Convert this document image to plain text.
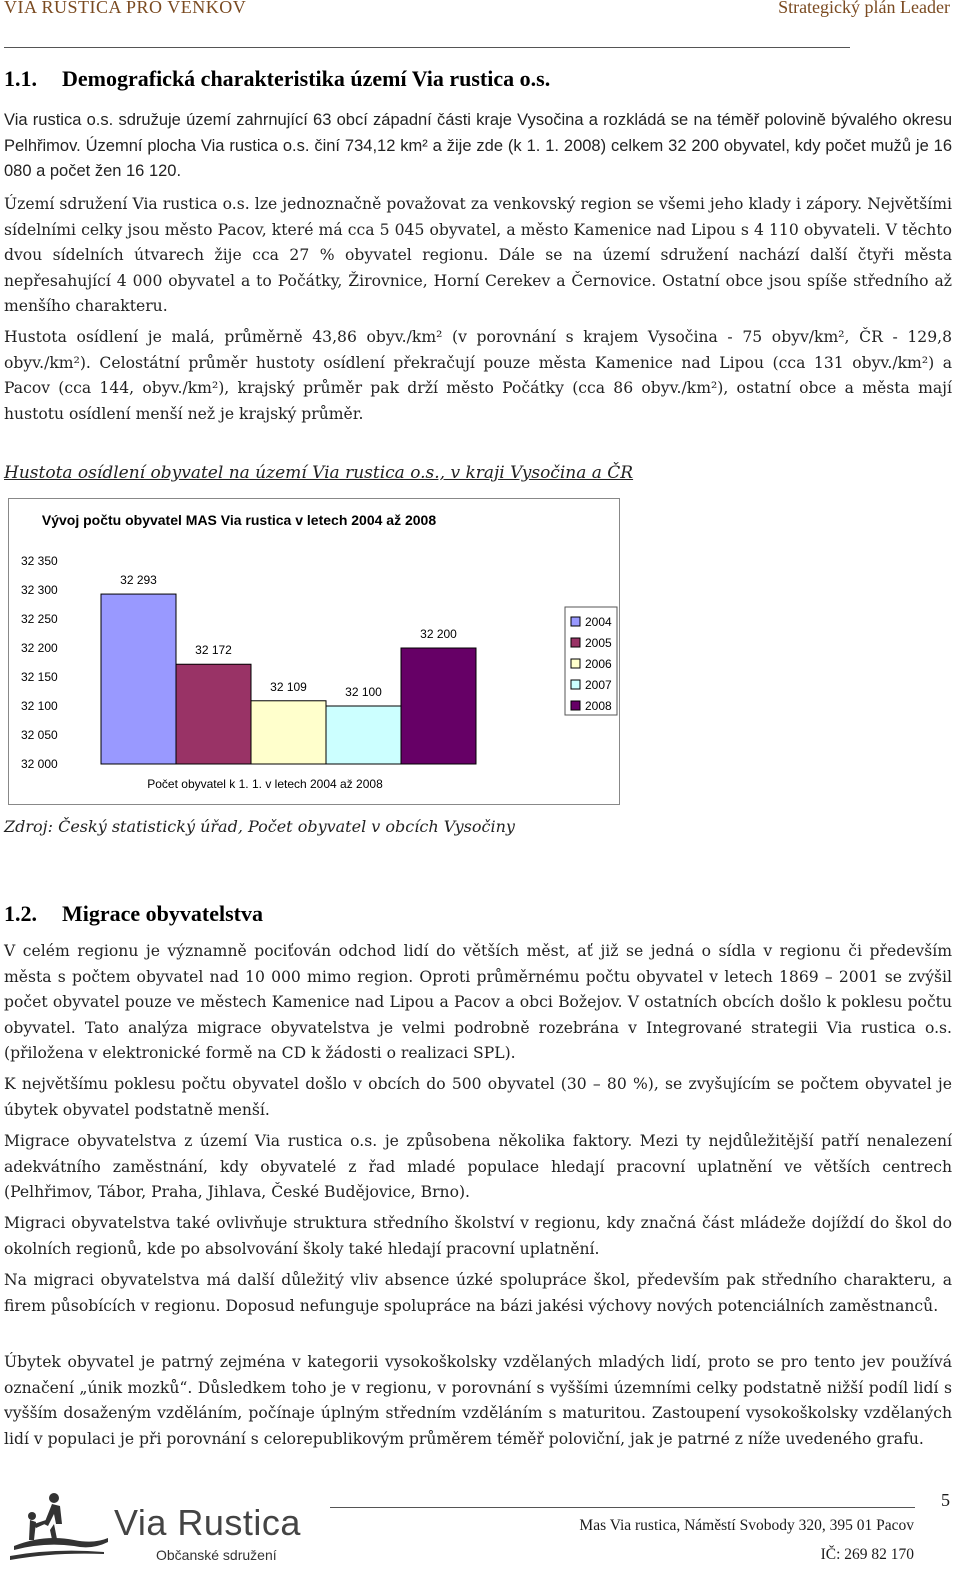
VIA RUSTICA PRO VENKOV	Strategický plán Leader
1.1. Demografická charakteristika území Via rustica o.s.
Via rustica o.s. sdružuje území zahrnující 63 obcí západní části kraje Vysočina a rozkládá se na téměř polovině bývalého okresu Pelhřimov. Územní plocha Via rustica o.s. činí 734,12 km² a žije zde (k 1. 1. 2008) celkem 32 200 obyvatel, kdy počet mužů je 16 080 a počet žen 16 120.
Území sdružení Via rustica o.s. lze jednoznačně považovat za venkovský region se všemi jeho klady i zápory. Největšími sídelními celky jsou město Pacov, které má cca 5 045 obyvatel, a město Kamenice nad Lipou s 4 110 obyvateli. V těchto dvou sídelních útvarech žije cca 27 % obyvatel regionu. Dále se na území sdružení nachází další čtyři města nepřesahující 4 000 obyvatel a to Počátky, Žirovnice, Horní Cerekev a Černovice. Ostatní obce jsou spíše středního až menšího charakteru.
Hustota osídlení je malá, průměrně 43,86 obyv./km² (v porovnání s krajem Vysočina - 75 obyv/km², ČR - 129,8 obyv./km²). Celostátní průměr hustoty osídlení překračují pouze města Kamenice nad Lipou (cca 131 obyv./km²) a Pacov (cca 144, obyv./km²), krajský průměr pak drží město Počátky (cca 86 obyv./km²), ostatní obce a města mají hustotu osídlení menší než je krajský průměr.
Hustota osídlení obyvatel na území Via rustica o.s., v kraji Vysočina a ČR
Vývoj počtu obyvatel MAS Via rustica v letech 2004 až 2008
32 350
32 300
32 250
32 200
32 150
32 100
32 050
32 000
32 293
32 172
32 109	32 100
32 200
2004
2005
2006
2007
2008
Počet obyvatel k 1. 1. v letech 2004 až 2008
Zdroj: Český statistický úřad, Počet obyvatel v obcích Vysočiny
1.2. Migrace obyvatelstva
V celém regionu je významně pociťován odchod lidí do větších měst, ať již se jedná o sídla v regionu či především města s počtem obyvatel nad 10 000 mimo region. Oproti průměrnému počtu obyvatel v letech 1869 – 2001 se zvýšil počet obyvatel pouze ve městech Kamenice nad Lipou a Pacov a obci Božejov. V ostatních obcích došlo k poklesu počtu obyvatel. Tato analýza migrace obyvatelstva je velmi podrobně rozebrána v Integrované strategii Via rustica o.s. (přiložena v elektronické formě na CD k žádosti o realizaci SPL).
K největšímu poklesu počtu obyvatel došlo v obcích do 500 obyvatel (30 – 80 %), se zvyšujícím se počtem obyvatel je úbytek obyvatel podstatně menší.
Migrace obyvatelstva z území Via rustica o.s. je způsobena několika faktory. Mezi ty nejdůležitější patří nenalezení adekvátního zaměstnání, kdy obyvatelé z řad mladé populace hledají pracovní uplatnění ve větších centrech (Pelhřimov, Tábor, Praha, Jihlava, České Budějovice, Brno).
Migraci obyvatelstva také ovlivňuje struktura středního školství v regionu, kdy značná část mládeže dojíždí do škol do okolních regionů, kde po absolvování školy také hledají pracovní uplatnění.
Na migraci obyvatelstva má další důležitý vliv absence úzké spolupráce škol, především pak středního charakteru, a firem působících v regionu. Doposud nefunguje spolupráce na bázi jakési výchovy nových potenciálních zaměstnanců.
Úbytek obyvatel je patrný zejména v kategorii vysokoškolsky vzdělaných mladých lidí, proto se pro tento jev používá označení „únik mozků“. Důsledkem toho je v regionu, v porovnání s vyššími územními celky podstatně nižší podíl lidí s vyšším dosaženým vzděláním, počínaje úplným středním vzděláním s maturitou. Zastoupení vysokoškolsky vzdělaných lidí v populaci je při porovnání s celorepublikovým průměrem téměř poloviční, jak je patrné z níže uvedeného grafu.
Via Rustica
Občanské sdružení
5
Mas Via rustica, Náměstí Svobody 320, 395 01 Pacov
IČ: 269 82 170
